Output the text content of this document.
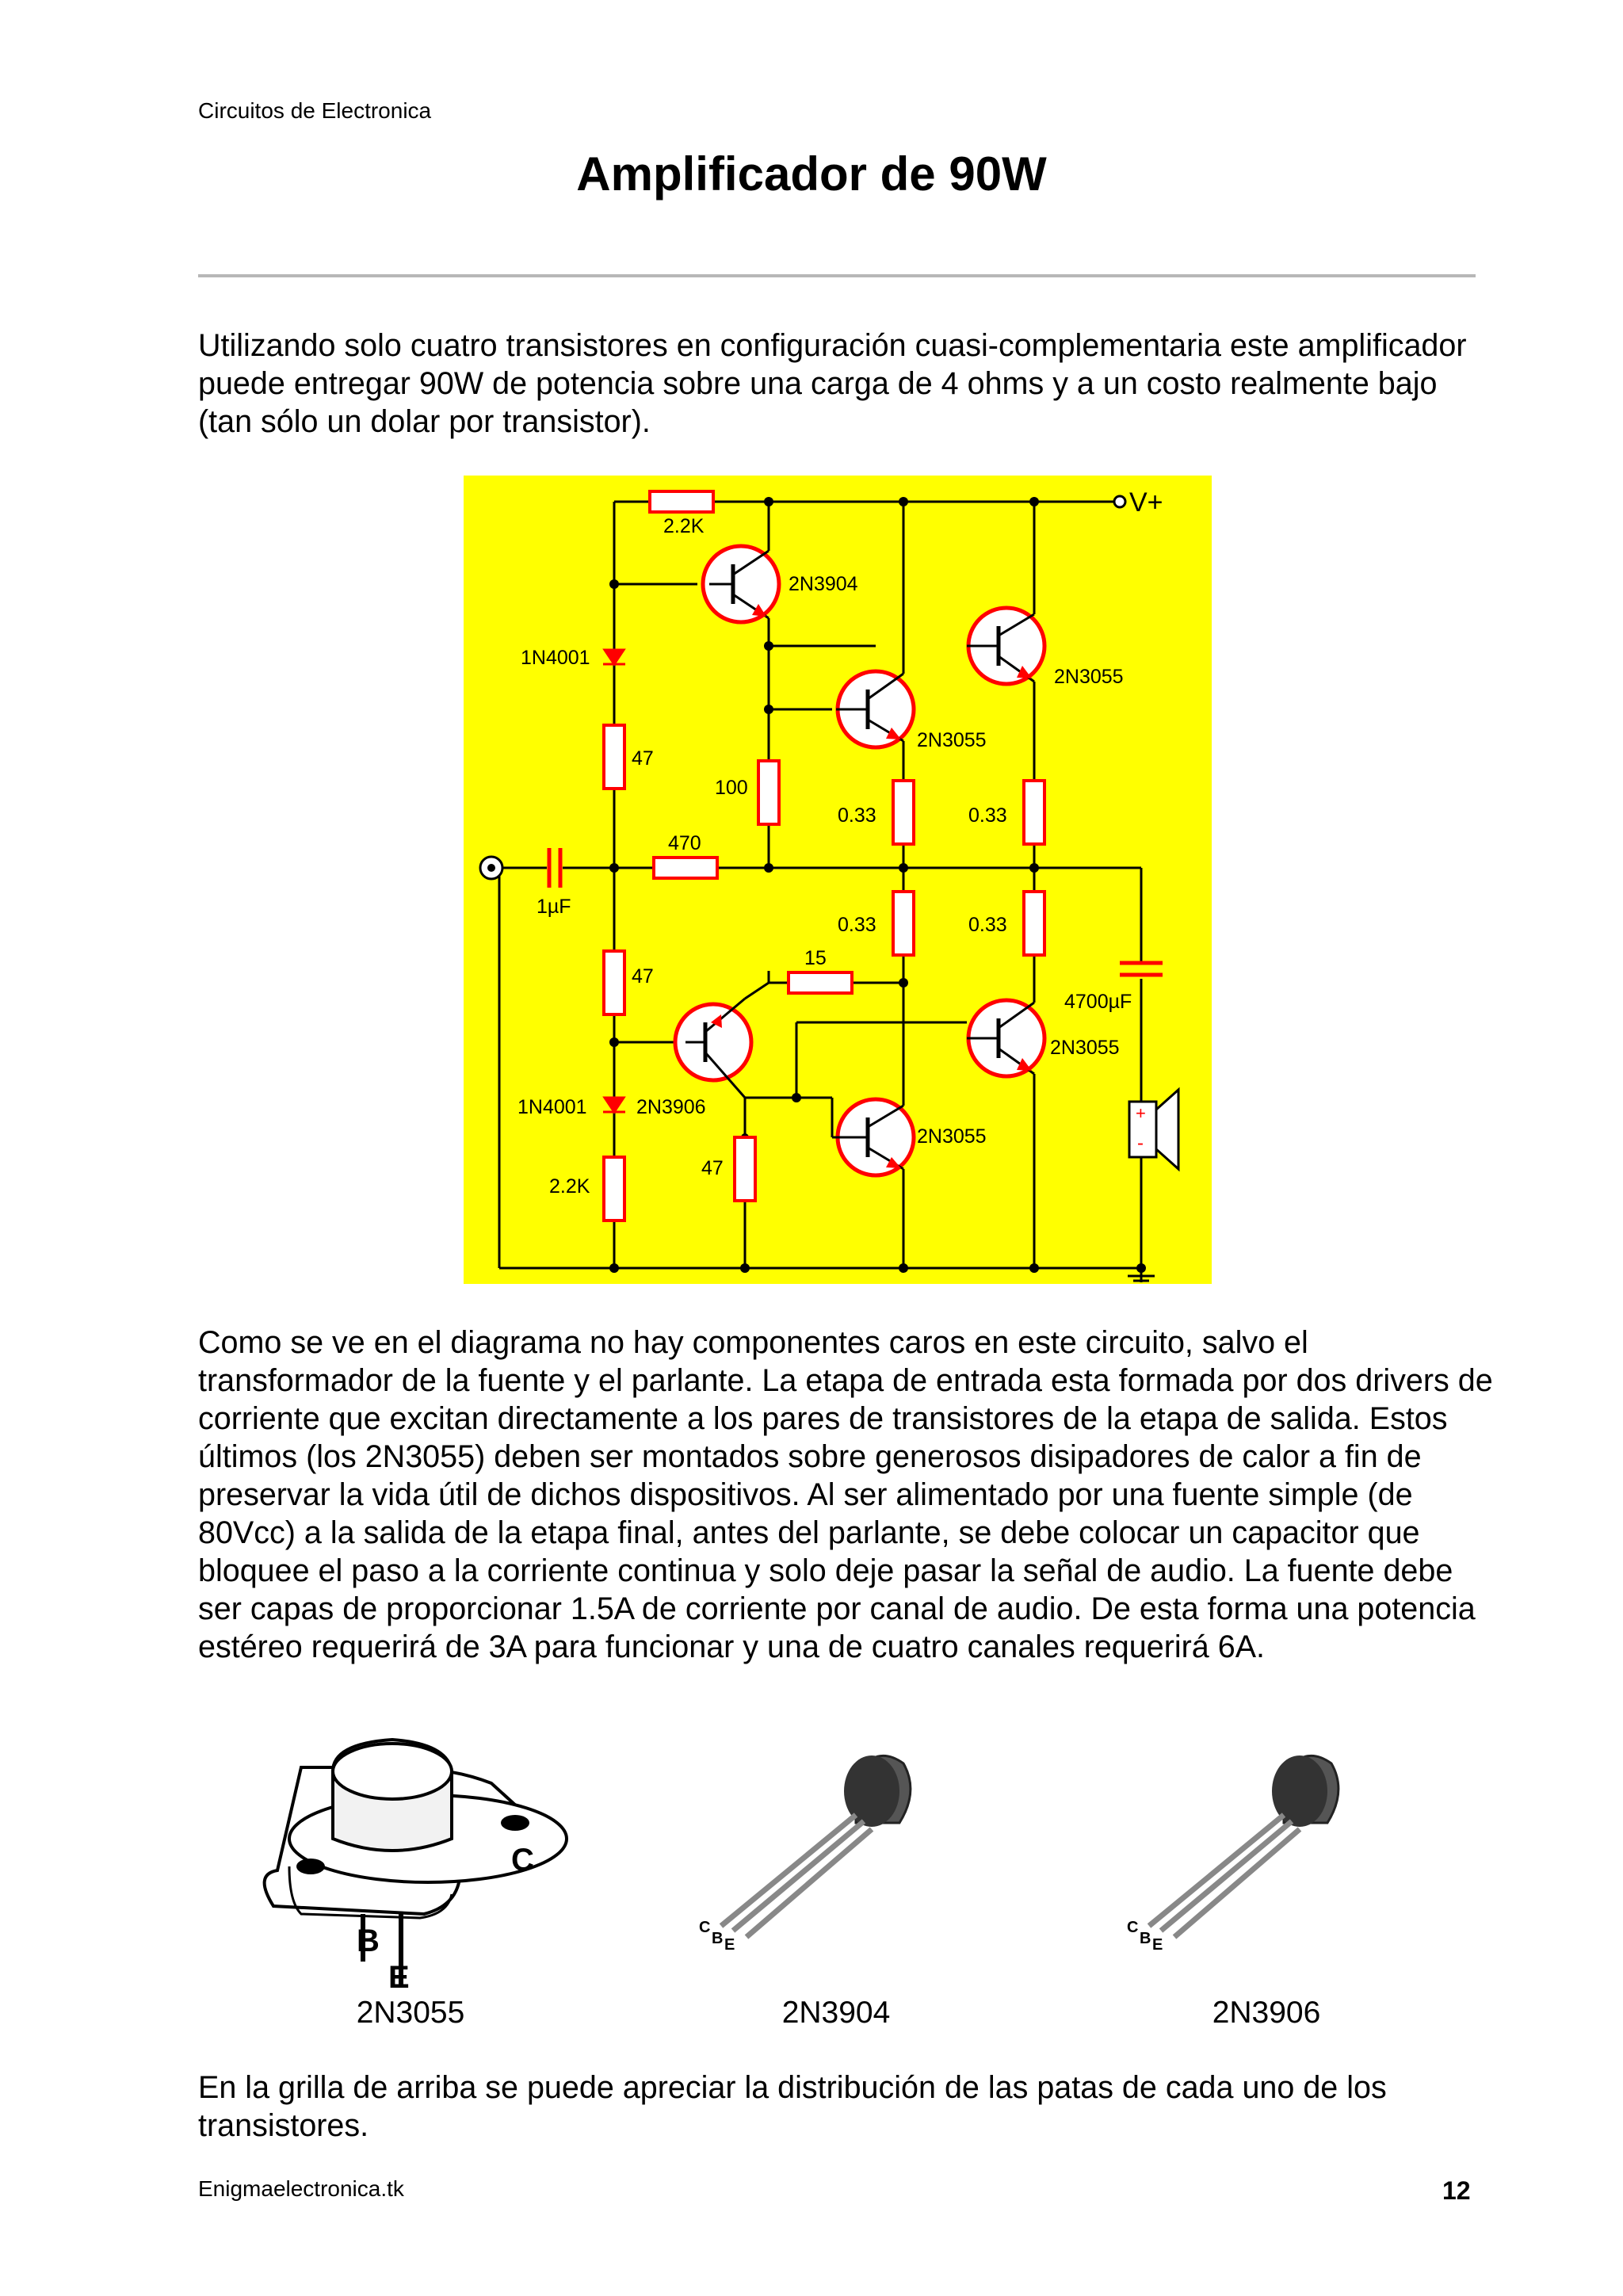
Circuitos de Electronica
Amplificador de 90W

Utilizando solo cuatro transistores en configuración cuasi-complementaria este amplificador puede entregar 90W de potencia sobre una carga de 4 ohms y a un costo realmente bajo (tan sólo un dolar por transistor).

V+
+
-
2.2K
2N3904
2N3055
1N4001
2N3055
47
100
0.33	0.33
470
1µF
0.33	0.33
15
47
4700µF
2N3055
1N4001 2N3906
2N3055
2.2K
47

Como se ve en el diagrama no hay componentes caros en este circuito, salvo el transformador de la fuente y el parlante. La etapa de entrada esta formada por dos drivers de corriente que excitan directamente a los pares de transistores de la etapa de salida. Estos últimos (los 2N3055) deben ser montados sobre generosos disipadores de calor a fin de preservar la vida útil de dichos dispositivos. Al ser alimentado por una fuente simple (de 80Vcc) a la salida de la etapa final, antes del parlante, se debe colocar un capacitor que bloquee el paso a la corriente continua y solo deje pasar la señal de audio. La fuente debe ser capas de proporcionar 1.5A de corriente por canal de audio. De esta forma una potencia estéreo requerirá de 3A para funcionar y una de cuatro canales requerirá 6A.

C
B
E
C
B E
C
B E
2N3055	2N3904	2N3906

En la grilla de arriba se puede apreciar la distribución de las patas de cada uno de los transistores.

Enigmaelectronica.tk	12
